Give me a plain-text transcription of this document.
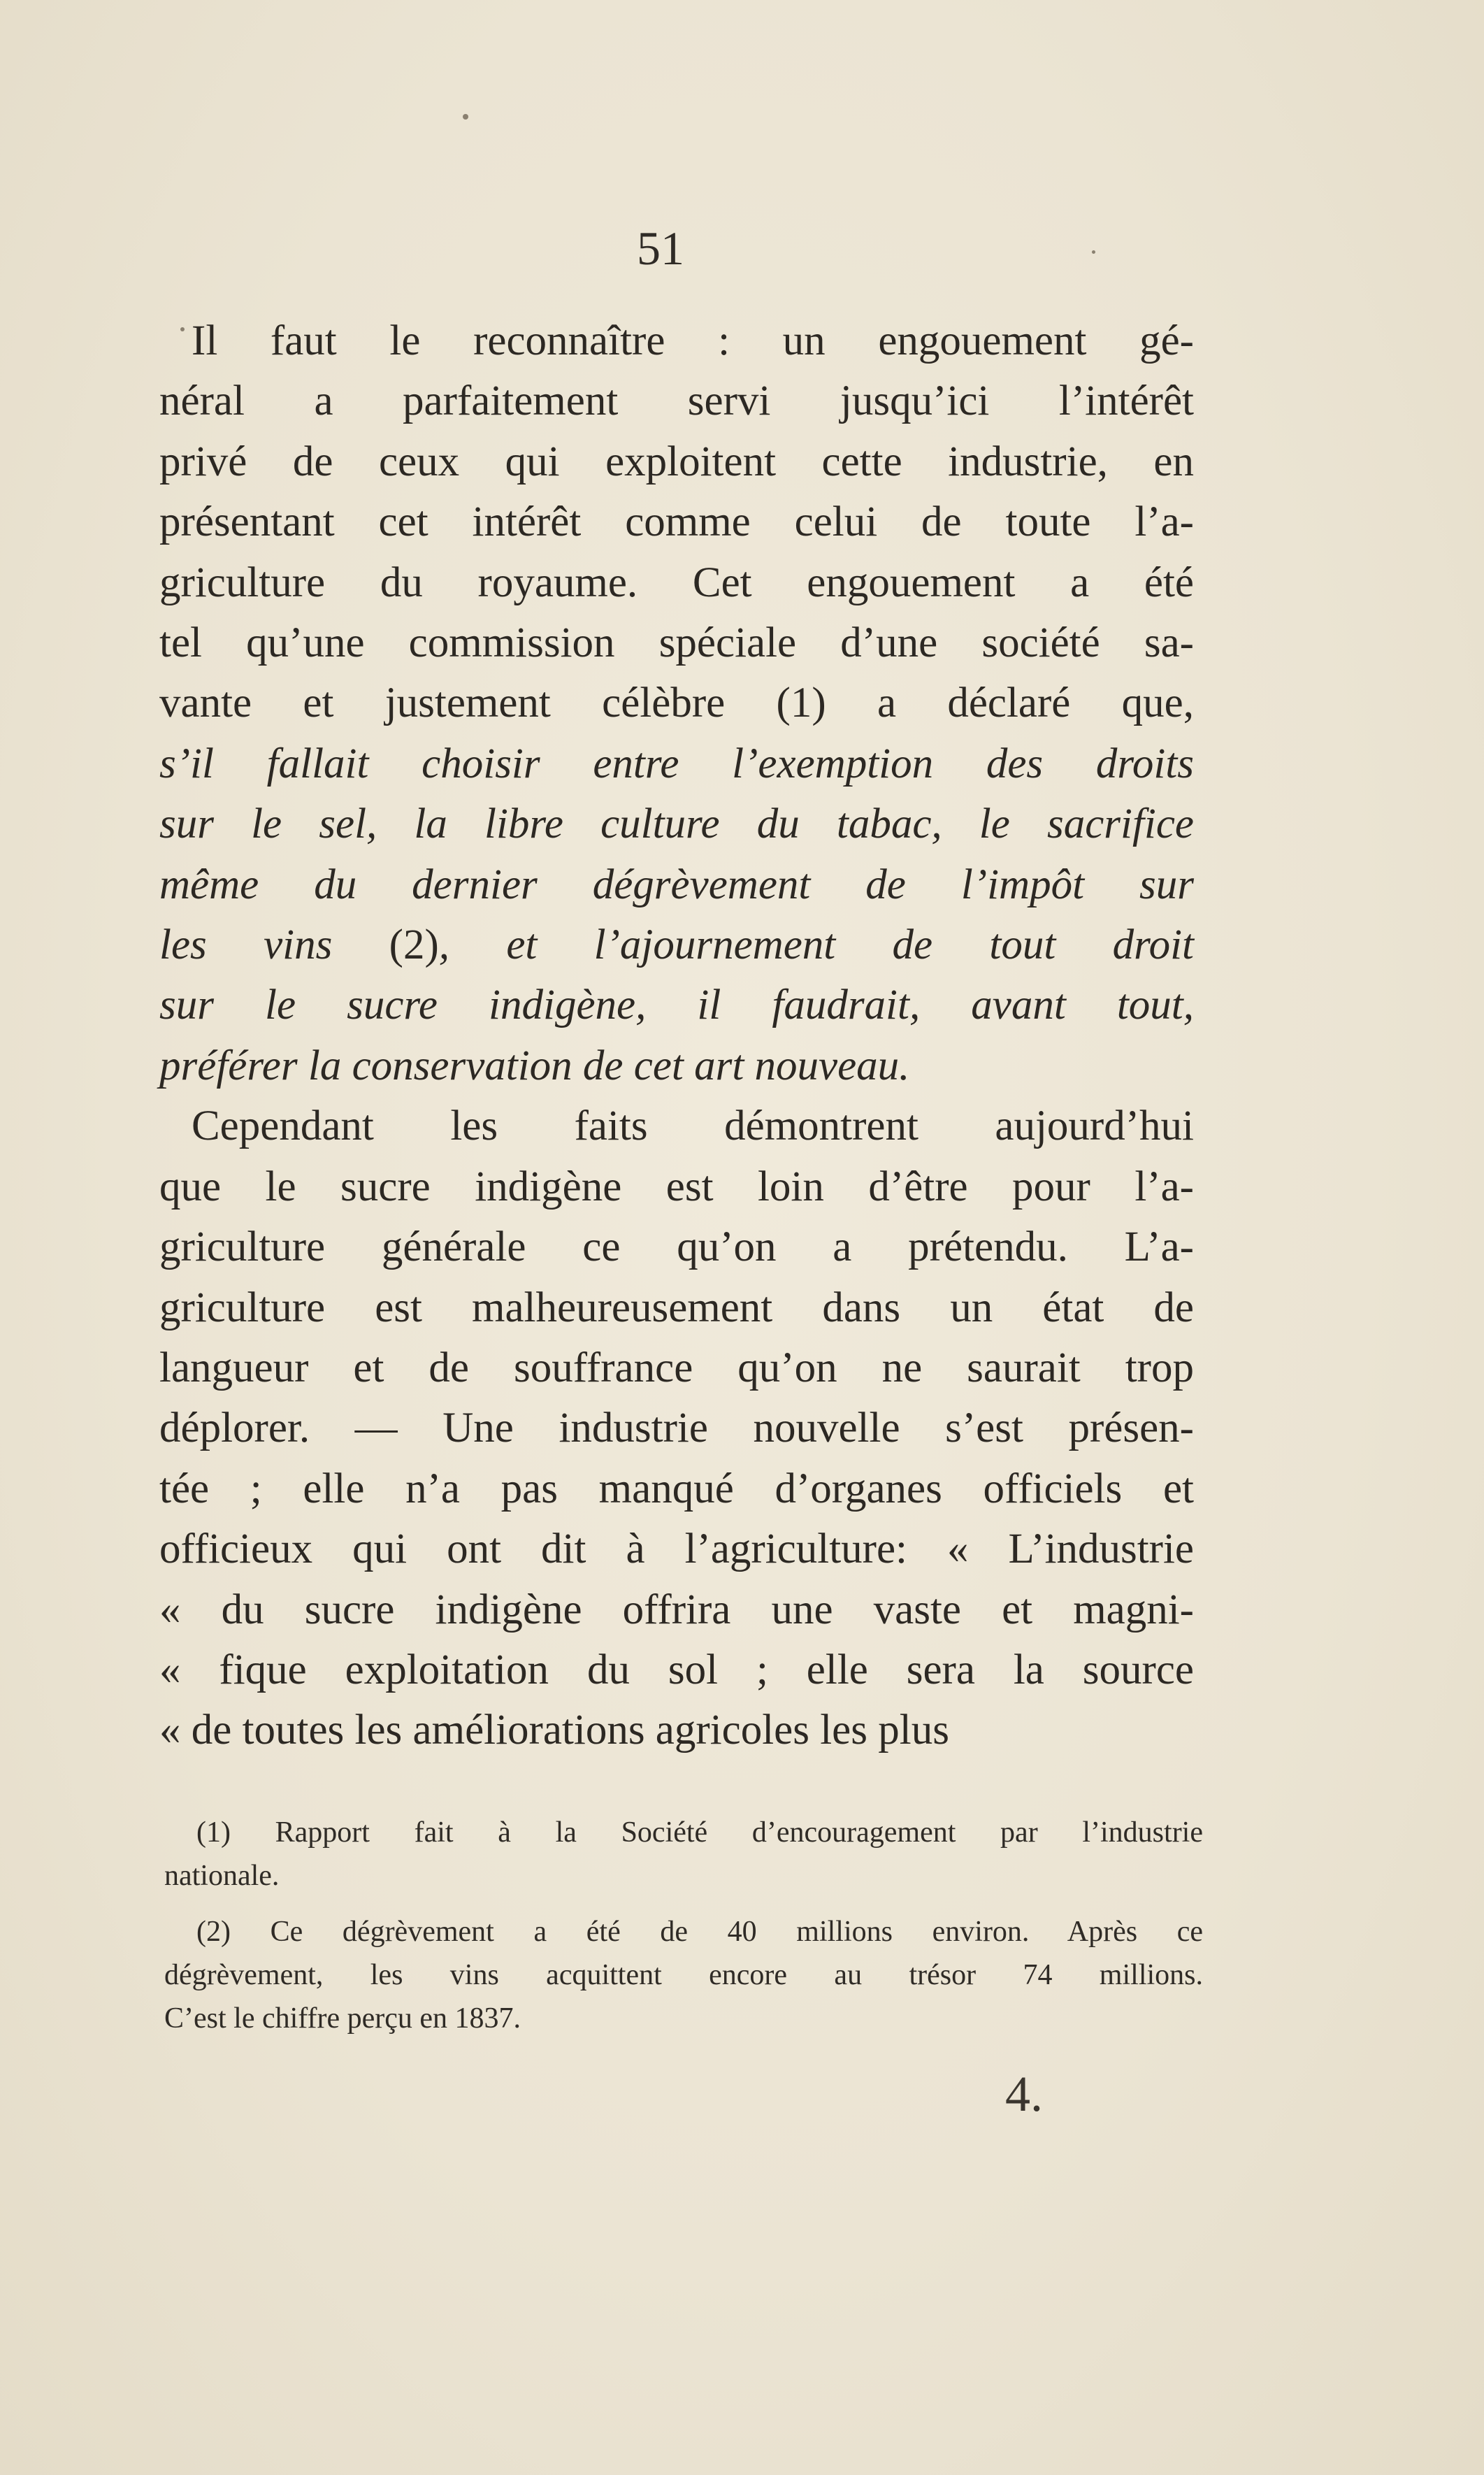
51
Il faut le reconnaître : un engouement gé-
néral a parfaitement servi jusqu’ici l’intérêt
privé de ceux qui exploitent cette industrie, en
présentant cet intérêt comme celui de toute l’a-
griculture du royaume. Cet engouement a été
tel qu’une commission spéciale d’une société sa-
vante et justement célèbre (1) a déclaré que,
s’il fallait choisir entre l’exemption des droits
sur le sel, la libre culture du tabac, le sacrifice
même du dernier dégrèvement de l’impôt sur
les vins (2), et l’ajournement de tout droit
sur le sucre indigène, il faudrait, avant tout,
préférer la conservation de cet art nouveau.
Cependant les faits démontrent aujourd’hui
que le sucre indigène est loin d’être pour l’a-
griculture générale ce qu’on a prétendu. L’a-
griculture est malheureusement dans un état de
langueur et de souffrance qu’on ne saurait trop
déplorer. — Une industrie nouvelle s’est présen-
tée ; elle n’a pas manqué d’organes officiels et
officieux qui ont dit à l’agriculture: « L’industrie
« du sucre indigène offrira une vaste et magni-
« fique exploitation du sol ; elle sera la source
« de toutes les améliorations agricoles les plus
(1) Rapport fait à la Société d’encouragement par l’industrie
nationale.
(2) Ce dégrèvement a été de 40 millions environ. Après ce
dégrèvement, les vins acquittent encore au trésor 74 millions.
C’est le chiffre perçu en 1837.
4.
